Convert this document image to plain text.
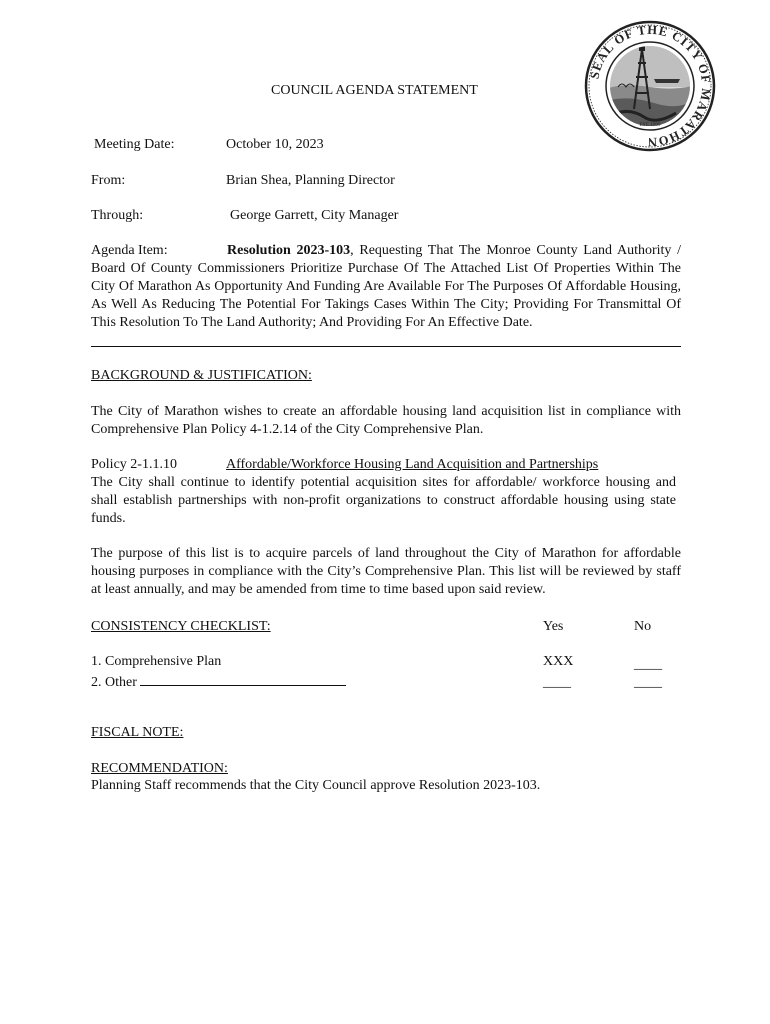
SEAL OF THE CITY OF MARATHON
EST. 1999
COUNCIL AGENDA STATEMENT
Meeting Date:	October 10, 2023
From:	Brian Shea, Planning Director
Through:	George Garrett, City Manager
Agenda Item:	Resolution 2023-103, Requesting That The Monroe County Land Authority / Board Of County Commissioners Prioritize Purchase Of The Attached List Of Properties Within The City Of Marathon As Opportunity And Funding Are Available For The Purposes Of Affordable Housing, As Well As Reducing The Potential For Takings Cases Within The City; Providing For Transmittal Of This Resolution To The Land Authority; And Providing For An Effective Date.
BACKGROUND & JUSTIFICATION:
The City of Marathon wishes to create an affordable housing land acquisition list in compliance with Comprehensive Plan Policy 4-1.2.14 of the City Comprehensive Plan.
Policy 2-1.1.10	Affordable/Workforce Housing Land Acquisition and Partnerships
The City shall continue to identify potential acquisition sites for affordable/ workforce housing and shall establish partnerships with non-profit organizations to construct affordable housing using state funds.
The purpose of this list is to acquire parcels of land throughout the City of Marathon for affordable housing purposes in compliance with the City’s Comprehensive Plan. This list will be reviewed by staff at least annually, and may be amended from time to time based upon said review.
CONSISTENCY CHECKLIST:	Yes	No
1. Comprehensive Plan	XXX	____
2. Other	____	____
FISCAL NOTE:
RECOMMENDATION:
Planning Staff recommends that the City Council approve Resolution 2023-103.
